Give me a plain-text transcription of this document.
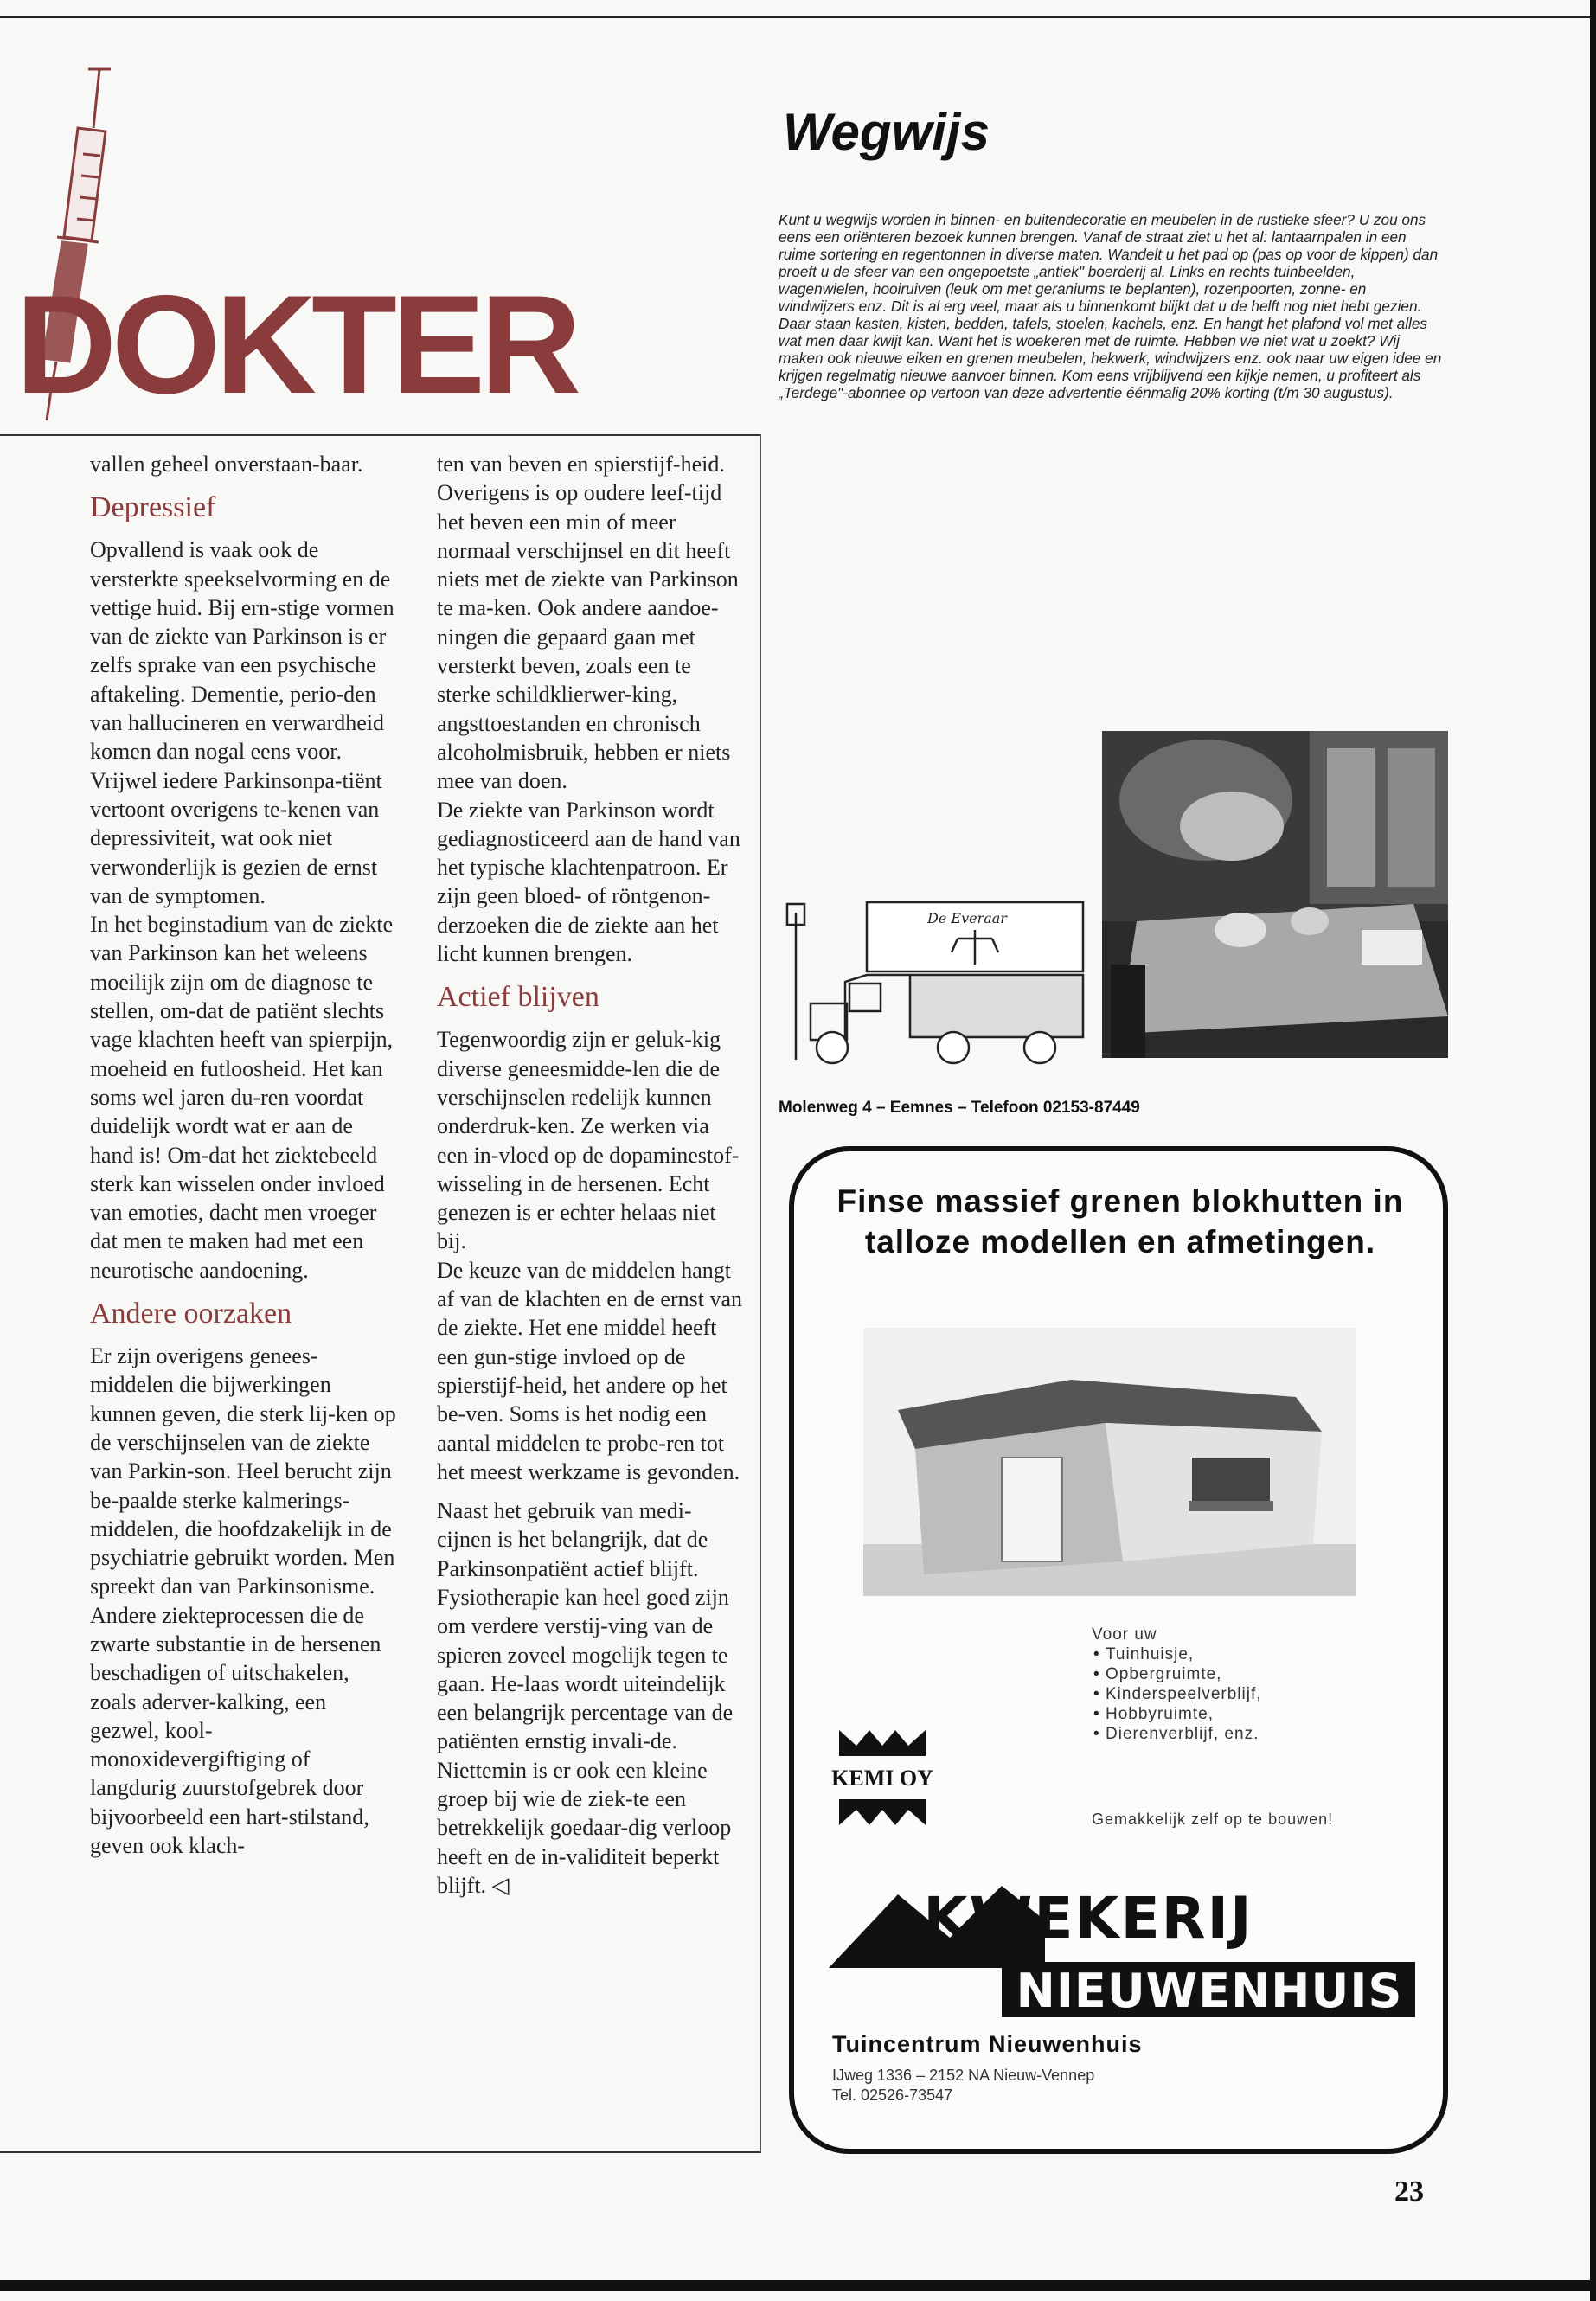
DOKTER

vallen geheel onverstaan-baar.

Depressief

Opvallend is vaak ook de versterkte speekselvorming en de vettige huid. Bij ern-stige vormen van de ziekte van Parkinson is er zelfs sprake van een psychische aftakeling. Dementie, perio-den van hallucineren en verwardheid komen dan nogal eens voor.

Vrijwel iedere Parkinsonpa-tiënt vertoont overigens te-kenen van depressiviteit, wat ook niet verwonderlijk is gezien de ernst van de symptomen.

In het beginstadium van de ziekte van Parkinson kan het weleens moeilijk zijn om de diagnose te stellen, om-dat de patiënt slechts vage klachten heeft van spierpijn, moeheid en futloosheid. Het kan soms wel jaren du-ren voordat duidelijk wordt wat er aan de hand is! Om-dat het ziektebeeld sterk kan wisselen onder invloed van emoties, dacht men vroeger dat men te maken had met een neurotische aandoening.

Andere oorzaken

Er zijn overigens genees-middelen die bijwerkingen kunnen geven, die sterk lij-ken op de verschijnselen van de ziekte van Parkin-son. Heel berucht zijn be-paalde sterke kalmerings-middelen, die hoofdzakelijk in de psychiatrie gebruikt worden. Men spreekt dan van Parkinsonisme.

Andere ziekteprocessen die de zwarte substantie in de hersenen beschadigen of uitschakelen, zoals aderver-kalking, een gezwel, kool-monoxidevergiftiging of langdurig zuurstofgebrek door bijvoorbeeld een hart-stilstand, geven ook klach-

ten van beven en spierstijf-heid.

Overigens is op oudere leef-tijd het beven een min of meer normaal verschijnsel en dit heeft niets met de ziekte van Parkinson te ma-ken. Ook andere aandoe-ningen die gepaard gaan met versterkt beven, zoals een te sterke schildklierwer-king, angsttoestanden en chronisch alcoholmisbruik, hebben er niets mee van doen.

De ziekte van Parkinson wordt gediagnosticeerd aan de hand van het typische klachtenpatroon. Er zijn geen bloed- of röntgenon-derzoeken die de ziekte aan het licht kunnen brengen.

Actief blijven

Tegenwoordig zijn er geluk-kig diverse geneesmidde-len die de verschijnselen redelijk kunnen onderdruk-ken. Ze werken via een in-vloed op de dopaminestof-wisseling in de hersenen. Echt genezen is er echter helaas niet bij.

De keuze van de middelen hangt af van de klachten en de ernst van de ziekte. Het ene middel heeft een gun-stige invloed op de spierstijf-heid, het andere op het be-ven. Soms is het nodig een aantal middelen te probe-ren tot het meest werkzame is gevonden.

Naast het gebruik van medi-cijnen is het belangrijk, dat de Parkinsonpatiënt actief blijft. Fysiotherapie kan heel goed zijn om verdere verstij-ving van de spieren zoveel mogelijk tegen te gaan. He-laas wordt uiteindelijk een belangrijk percentage van de patiënten ernstig invali-de. Niettemin is er ook een kleine groep bij wie de ziek-te een betrekkelijk goedaar-dig verloop heeft en de in-validiteit beperkt blijft. ◁

Wegwijs

Kunt u wegwijs worden in binnen- en buitendecoratie en meubelen in de rustieke sfeer? U zou ons eens een oriënteren bezoek kunnen brengen. Vanaf de straat ziet u het al: lantaarnpalen in een ruime sortering en regentonnen in diverse maten. Wandelt u het pad op (pas op voor de kippen) dan proeft u de sfeer van een ongepoetste „antiek" boerderij al. Links en rechts tuinbeelden, wagenwielen, hooiruiven (leuk om met geraniums te beplanten), rozenpoorten, zonne- en windwijzers enz. Dit is al erg veel, maar als u binnenkomt blijkt dat u de helft nog niet hebt gezien. Daar staan kasten, kisten, bedden, tafels, stoelen, kachels, enz. En hangt het plafond vol met alles wat men daar kwijt kan. Want het is woekeren met de ruimte. Hebben we niet wat u zoekt? Wij maken ook nieuwe eiken en grenen meubelen, hekwerk, windwijzers enz. ook naar uw eigen idee en krijgen regelmatig nieuwe aanvoer binnen. Kom eens vrijblijvend een kijkje nemen, u profiteert als „Terdege"-abonnee op vertoon van deze advertentie éénmalig 20% korting (t/m 30 augustus).

De Everaar
Molenweg 4 – Eemnes – Telefoon 02153-87449
Finse massief grenen blokhutten in talloze modellen en afmetingen.
Voor uw
• Tuinhuisje,
• Opbergruimte,
• Kinderspeelverblijf,
• Hobbyruimte,
• Dierenverblijf, enz.
Gemakkelijk zelf op te bouwen!
KEMI OY
KWEKERIJ
NIEUWENHUIS
Tuincentrum Nieuwenhuis
IJweg 1336 – 2152 NA Nieuw-Vennep
Tel. 02526-73547
23
